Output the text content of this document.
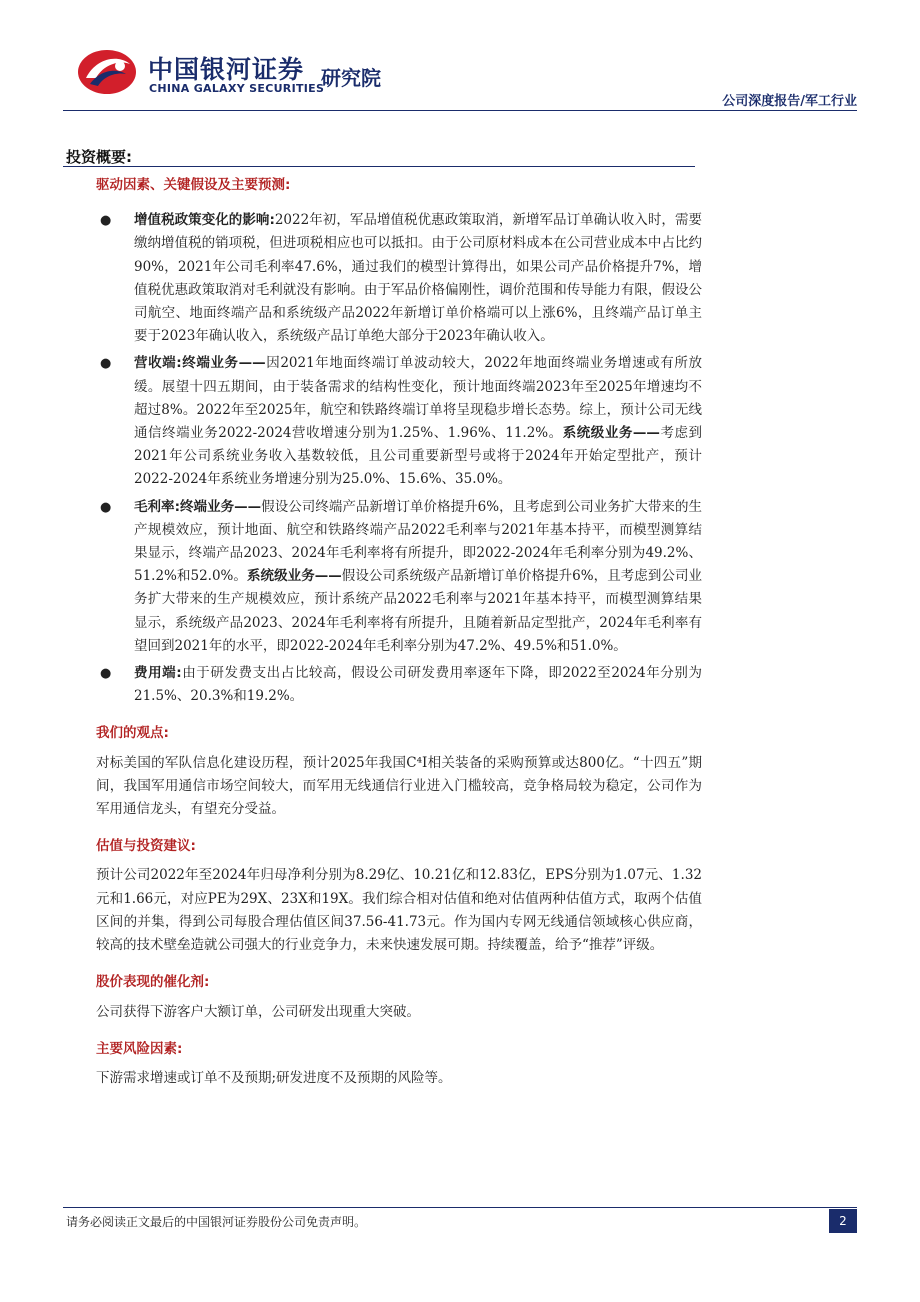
中国银河证券
CHINA GALAXY SECURITIES
研究院
公司深度报告/军工行业
投资概要:

驱动因素、关键假设及主要预测:

● 增值税政策变化的影响:2022年初，军品增值税优惠政策取消，新增军品订单确认收入时，需要缴纳增值税的销项税，但进项税相应也可以抵扣。由于公司原材料成本在公司营业成本中占比约90%，2021年公司毛利率47.6%，通过我们的模型计算得出，如果公司产品价格提升7%，增值税优惠政策取消对毛利就没有影响。由于军品价格偏刚性，调价范围和传导能力有限，假设公司航空、地面终端产品和系统级产品2022年新增订单价格端可以上涨6%，且终端产品订单主要于2023年确认收入，系统级产品订单绝大部分于2023年确认收入。
● 营收端:终端业务——因2021年地面终端订单波动较大，2022年地面终端业务增速或有所放缓。展望十四五期间，由于装备需求的结构性变化，预计地面终端2023年至2025年增速均不超过8%。2022年至2025年，航空和铁路终端订单将呈现稳步增长态势。综上，预计公司无线通信终端业务2022-2024营收增速分别为1.25%、1.96%、11.2%。系统级业务——考虑到2021年公司系统业务收入基数较低，且公司重要新型号或将于2024年开始定型批产，预计2022-2024年系统业务增速分别为25.0%、15.6%、35.0%。
● 毛利率:终端业务——假设公司终端产品新增订单价格提升6%，且考虑到公司业务扩大带来的生产规模效应，预计地面、航空和铁路终端产品2022毛利率与2021年基本持平，而模型测算结果显示，终端产品2023、2024年毛利率将有所提升，即2022-2024年毛利率分别为49.2%、51.2%和52.0%。系统级业务——假设公司系统级产品新增订单价格提升6%，且考虑到公司业务扩大带来的生产规模效应，预计系统产品2022毛利率与2021年基本持平，而模型测算结果显示，系统级产品2023、2024年毛利率将有所提升，且随着新品定型批产，2024年毛利率有望回到2021年的水平，即2022-2024年毛利率分别为47.2%、49.5%和51.0%。
● 费用端:由于研发费支出占比较高，假设公司研发费用率逐年下降，即2022至2024年分别为21.5%、20.3%和19.2%。

我们的观点:

对标美国的军队信息化建设历程，预计2025年我国C⁴I相关装备的采购预算或达800亿。“十四五”期间，我国军用通信市场空间较大，而军用无线通信行业进入门槛较高，竞争格局较为稳定，公司作为军用通信龙头，有望充分受益。

估值与投资建议:

预计公司2022年至2024年归母净利分别为8.29亿、10.21亿和12.83亿，EPS分别为1.07元、1.32元和1.66元，对应PE为29X、23X和19X。我们综合相对估值和绝对估值两种估值方式，取两个估值区间的并集，得到公司每股合理估值区间37.56-41.73元。作为国内专网无线通信领域核心供应商，较高的技术壁垒造就公司强大的行业竞争力，未来快速发展可期。持续覆盖，给予“推荐”评级。

股价表现的催化剂:

公司获得下游客户大额订单，公司研发出现重大突破。

主要风险因素:

下游需求增速或订单不及预期;研发进度不及预期的风险等。

请务必阅读正文最后的中国银河证券股份公司免责声明。	2
